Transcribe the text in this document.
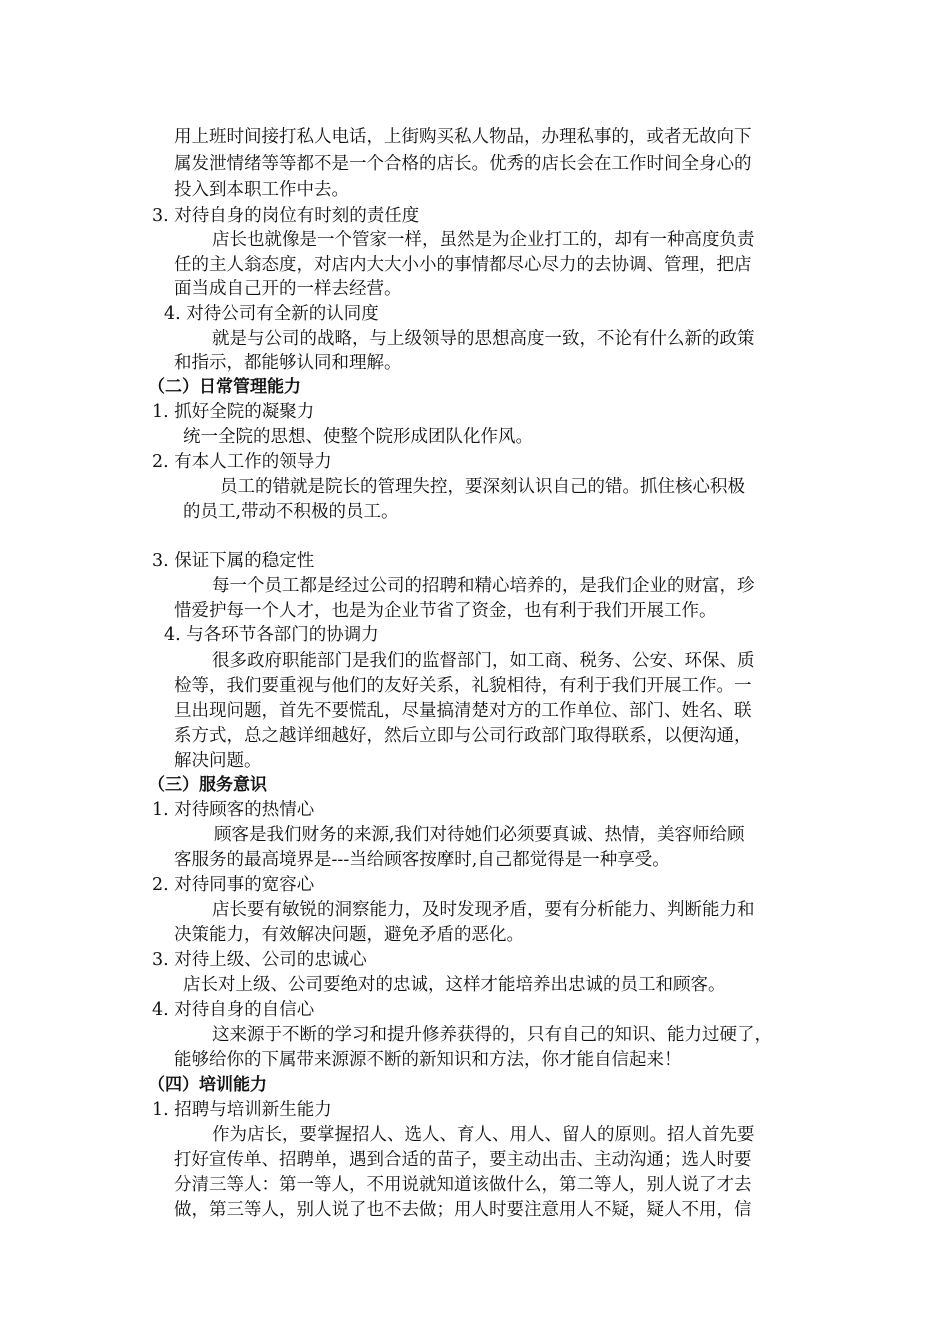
用上班时间接打私人电话，上街购买私人物品，办理私事的，或者无故向下
属发泄情绪等等都不是一个合格的店长。优秀的店长会在工作时间全身心的
投入到本职工作中去。
3. 对待自身的岗位有时刻的责任度
店长也就像是一个管家一样，虽然是为企业打工的，却有一种高度负责
任的主人翁态度，对店内大大小小的事情都尽心尽力的去协调、管理，把店
面当成自己开的一样去经营。
4. 对待公司有全新的认同度
就是与公司的战略，与上级领导的思想高度一致，不论有什么新的政策
和指示，都能够认同和理解。
（二）日常管理能力
1. 抓好全院的凝聚力
统一全院的思想、使整个院形成团队化作风。
2. 有本人工作的领导力
员工的错就是院长的管理失控，要深刻认识自己的错。抓住核心积极
的员工,带动不积极的员工。
3. 保证下属的稳定性
每一个员工都是经过公司的招聘和精心培养的，是我们企业的财富，珍
惜爱护每一个人才，也是为企业节省了资金，也有利于我们开展工作。
4. 与各环节各部门的协调力
很多政府职能部门是我们的监督部门，如工商、税务、公安、环保、质
检等，我们要重视与他们的友好关系，礼貌相待，有利于我们开展工作。一
旦出现问题，首先不要慌乱，尽量搞清楚对方的工作单位、部门、姓名、联
系方式，总之越详细越好，然后立即与公司行政部门取得联系，以便沟通，
解决问题。
（三）服务意识
1. 对待顾客的热情心
顾客是我们财务的来源,我们对待她们必须要真诚、热情，美容师给顾
客服务的最高境界是---当给顾客按摩时,自己都觉得是一种享受。
2. 对待同事的宽容心
店长要有敏锐的洞察能力，及时发现矛盾，要有分析能力、判断能力和
决策能力，有效解决问题，避免矛盾的恶化。
3. 对待上级、公司的忠诚心
店长对上级、公司要绝对的忠诚，这样才能培养出忠诚的员工和顾客。
4. 对待自身的自信心
这来源于不断的学习和提升修养获得的，只有自己的知识、能力过硬了，
能够给你的下属带来源源不断的新知识和方法，你才能自信起来！
（四）培训能力
1. 招聘与培训新生能力
作为店长，要掌握招人、选人、育人、用人、留人的原则。招人首先要
打好宣传单、招聘单，遇到合适的苗子，要主动出击、主动沟通；选人时要
分清三等人：第一等人，不用说就知道该做什么，第二等人，别人说了才去
做，第三等人，别人说了也不去做；用人时要注意用人不疑，疑人不用，信
